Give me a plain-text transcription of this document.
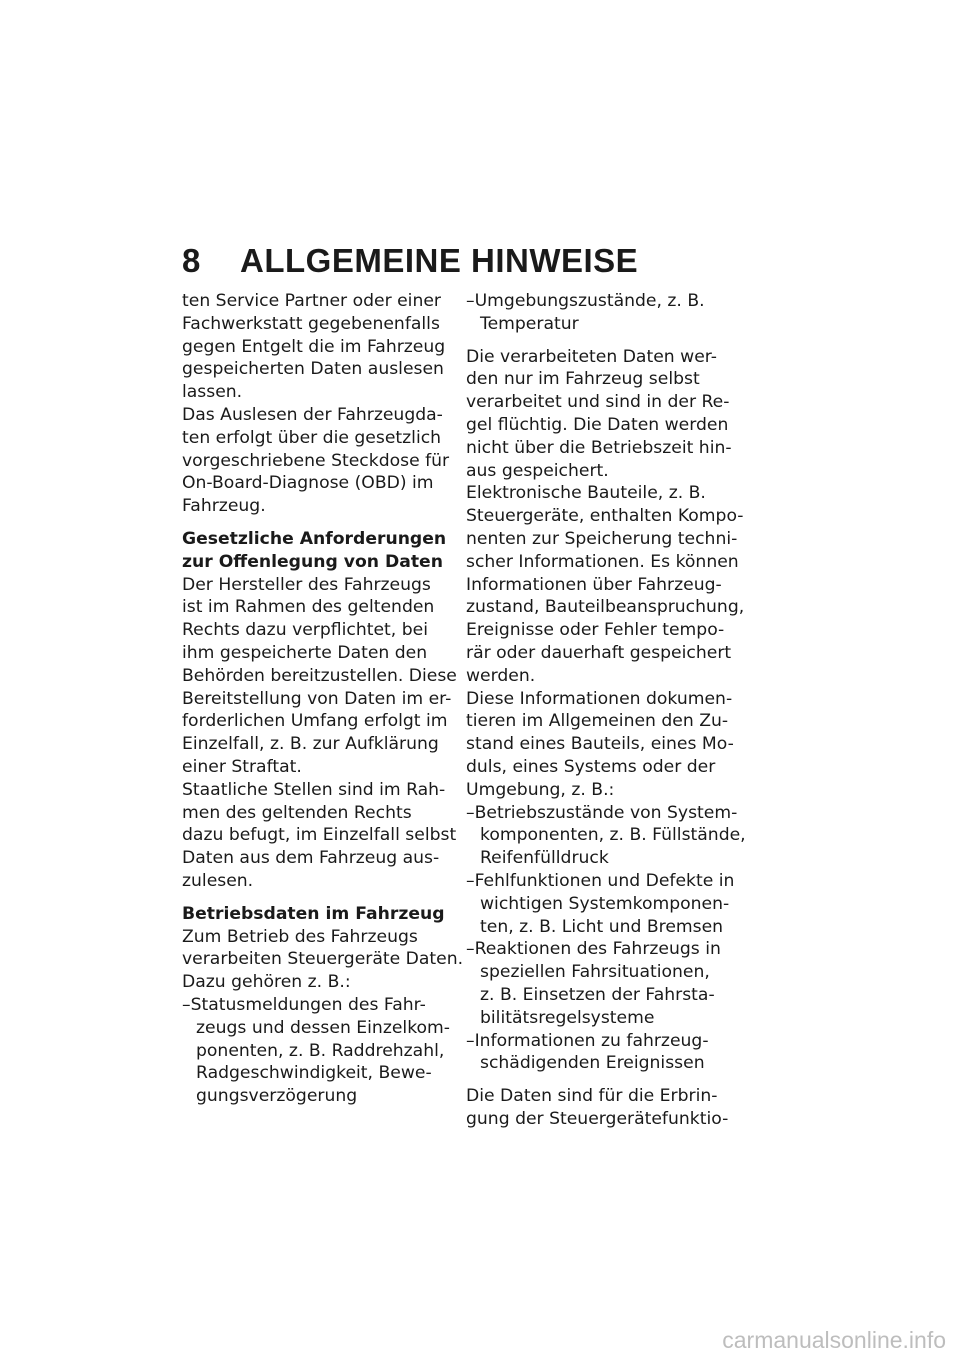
8 ALLGEMEINE HINWEISE
ten Service Partner oder einer
Fachwerkstatt gegebenenfalls
gegen Entgelt die im Fahrzeug
gespeicherten Daten auslesen
lassen.
Das Auslesen der Fahrzeugda-
ten erfolgt über die gesetzlich
vorgeschriebene Steckdose für
On-Board-Diagnose (OBD) im
Fahrzeug.
Gesetzliche Anforderungen
zur Offenlegung von Daten
Der Hersteller des Fahrzeugs
ist im Rahmen des geltenden
Rechts dazu verpflichtet, bei
ihm gespeicherte Daten den
Behörden bereitzustellen. Diese
Bereitstellung von Daten im er-
forderlichen Umfang erfolgt im
Einzelfall, z. B. zur Aufklärung
einer Straftat.
Staatliche Stellen sind im Rah-
men des geltenden Rechts
dazu befugt, im Einzelfall selbst
Daten aus dem Fahrzeug aus-
zulesen.
Betriebsdaten im Fahrzeug
Zum Betrieb des Fahrzeugs
verarbeiten Steuergeräte Daten.
Dazu gehören z. B.:
–Statusmeldungen des Fahr-
zeugs und dessen Einzelkom-
ponenten, z. B. Raddrehzahl,
Radgeschwindigkeit, Bewe-
gungsverzögerung
–Umgebungszustände, z. B.
Temperatur
Die verarbeiteten Daten wer-
den nur im Fahrzeug selbst
verarbeitet und sind in der Re-
gel flüchtig. Die Daten werden
nicht über die Betriebszeit hin-
aus gespeichert.
Elektronische Bauteile, z. B.
Steuergeräte, enthalten Kompo-
nenten zur Speicherung techni-
scher Informationen. Es können
Informationen über Fahrzeug-
zustand, Bauteilbeanspruchung,
Ereignisse oder Fehler tempo-
rär oder dauerhaft gespeichert
werden.
Diese Informationen dokumen-
tieren im Allgemeinen den Zu-
stand eines Bauteils, eines Mo-
duls, eines Systems oder der
Umgebung, z. B.:
–Betriebszustände von System-
komponenten, z. B. Füllstände,
Reifenfülldruck
–Fehlfunktionen und Defekte in
wichtigen Systemkomponen-
ten, z. B. Licht und Bremsen
–Reaktionen des Fahrzeugs in
speziellen Fahrsituationen,
z. B. Einsetzen der Fahrsta-
bilitätsregelsysteme
–Informationen zu fahrzeug-
schädigenden Ereignissen
Die Daten sind für die Erbrin-
gung der Steuergerätefunktio-
carmanualsonline.info
